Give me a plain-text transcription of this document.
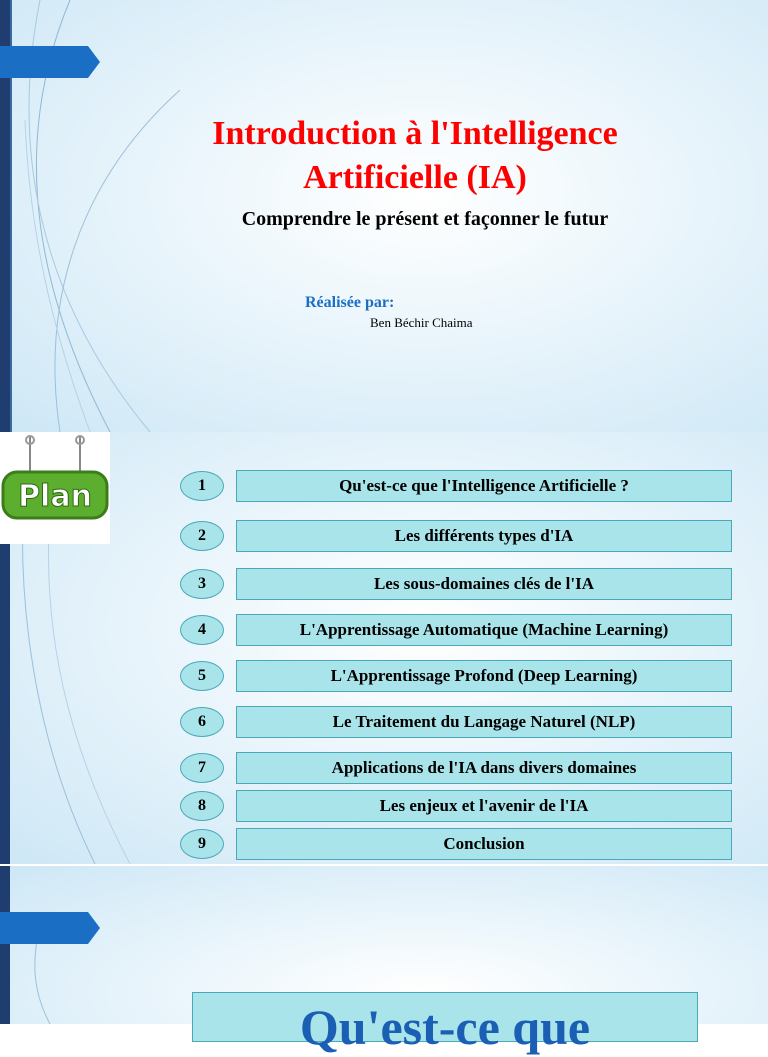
Introduction à l'Intelligence
Artificielle (IA)
Comprendre le présent et façonner le futur
Réalisée par:
Ben Béchir Chaima
Plan	1	Qu'est-ce que l'Intelligence Artificielle ?
2	Les différents types d'IA
3	Les sous-domaines clés de l'IA
4	L'Apprentissage Automatique (Machine Learning)
5	L'Apprentissage Profond (Deep Learning)
6	Le Traitement du Langage Naturel (NLP)
7	Applications de l'IA dans divers domaines
8	Les enjeux et l'avenir de l'IA
9	Conclusion
Qu'est-ce que
